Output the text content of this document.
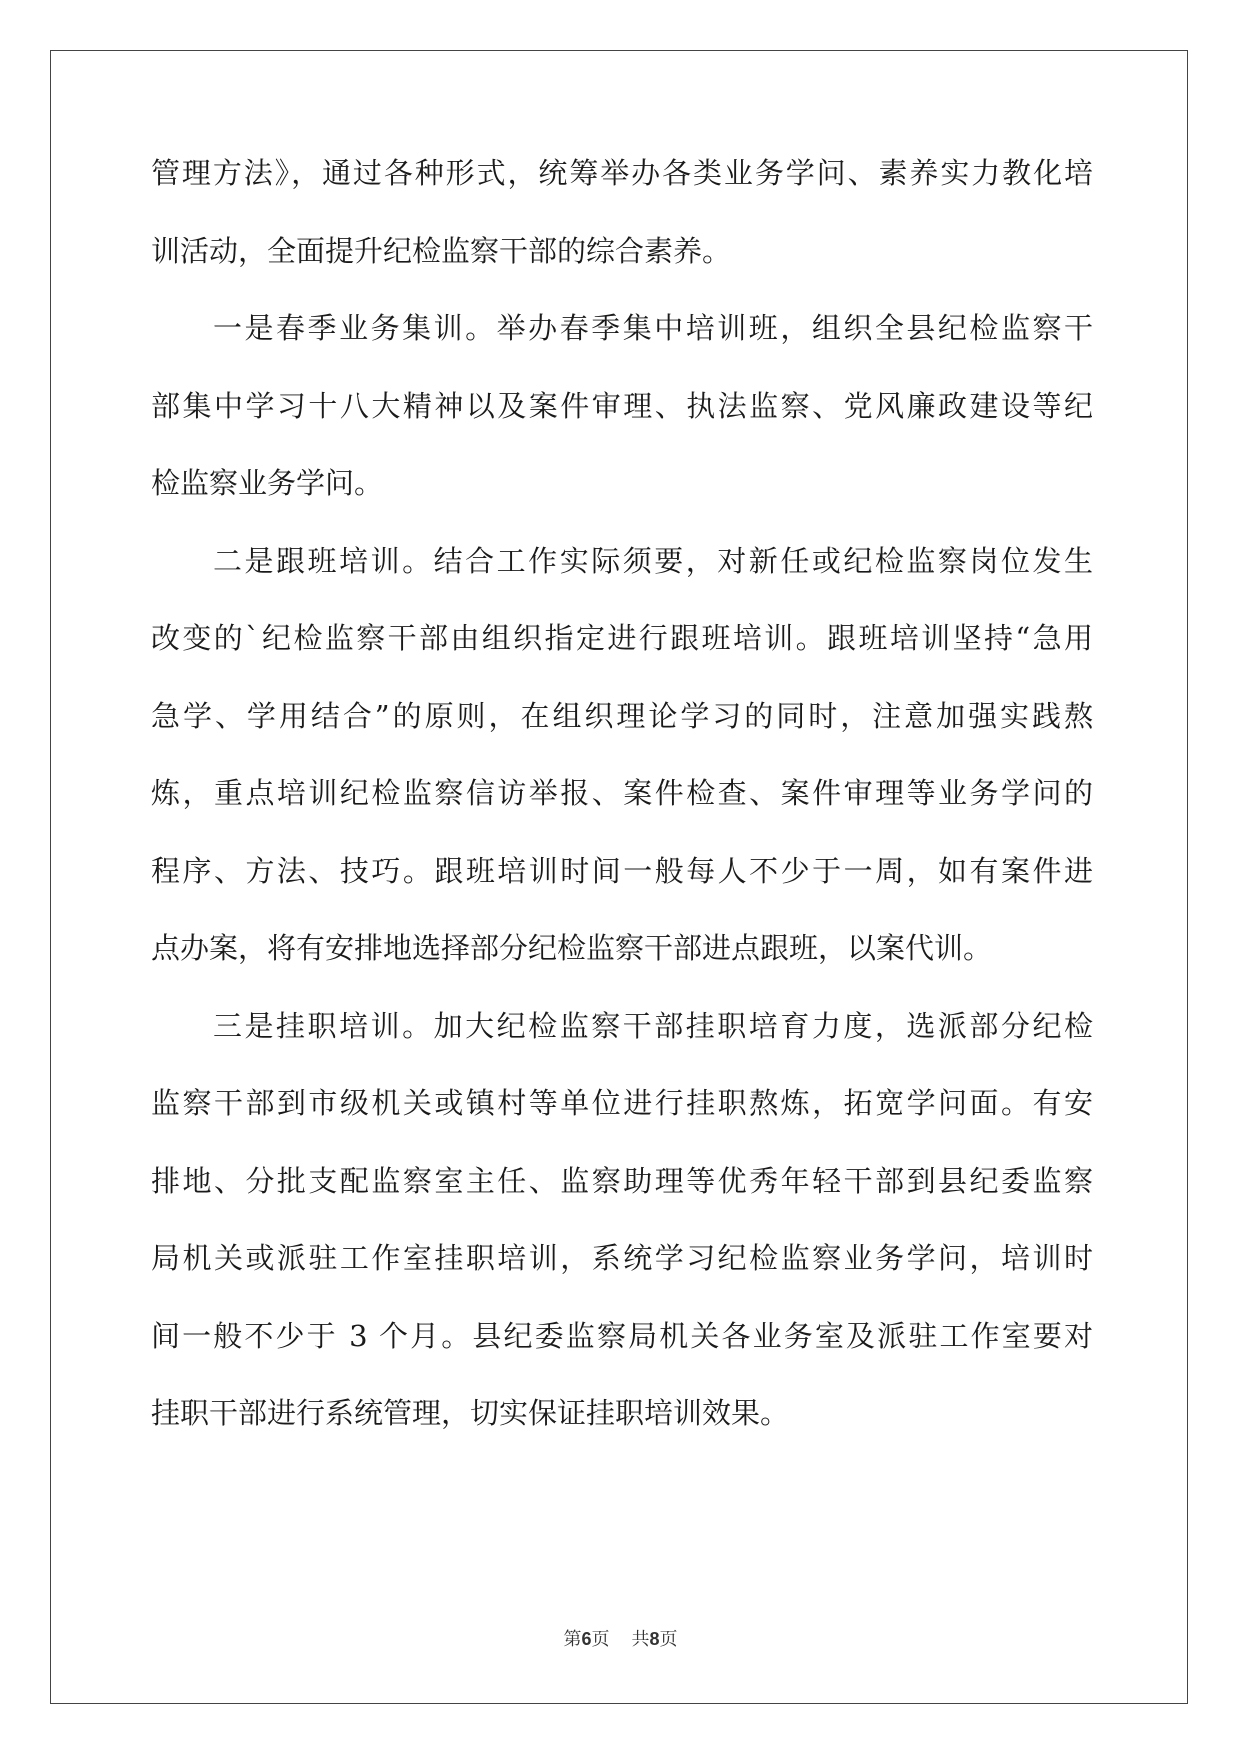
管理方法》，通过各种形式，统筹举办各类业务学问、素养实力教化培
训活动，全面提升纪检监察干部的综合素养。
一是春季业务集训。举办春季集中培训班，组织全县纪检监察干
部集中学习十八大精神以及案件审理、执法监察、党风廉政建设等纪
检监察业务学问。
二是跟班培训。结合工作实际须要，对新任或纪检监察岗位发生
改变的`纪检监察干部由组织指定进行跟班培训。跟班培训坚持“急用
急学、学用结合”的原则，在组织理论学习的同时，注意加强实践熬
炼，重点培训纪检监察信访举报、案件检查、案件审理等业务学问的
程序、方法、技巧。跟班培训时间一般每人不少于一周，如有案件进
点办案，将有安排地选择部分纪检监察干部进点跟班，以案代训。
三是挂职培训。加大纪检监察干部挂职培育力度，选派部分纪检
监察干部到市级机关或镇村等单位进行挂职熬炼，拓宽学问面。有安
排地、分批支配监察室主任、监察助理等优秀年轻干部到县纪委监察
局机关或派驻工作室挂职培训，系统学习纪检监察业务学问，培训时
间一般不少于 3 个月。县纪委监察局机关各业务室及派驻工作室要对
挂职干部进行系统管理，切实保证挂职培训效果。
第6页 共8页
